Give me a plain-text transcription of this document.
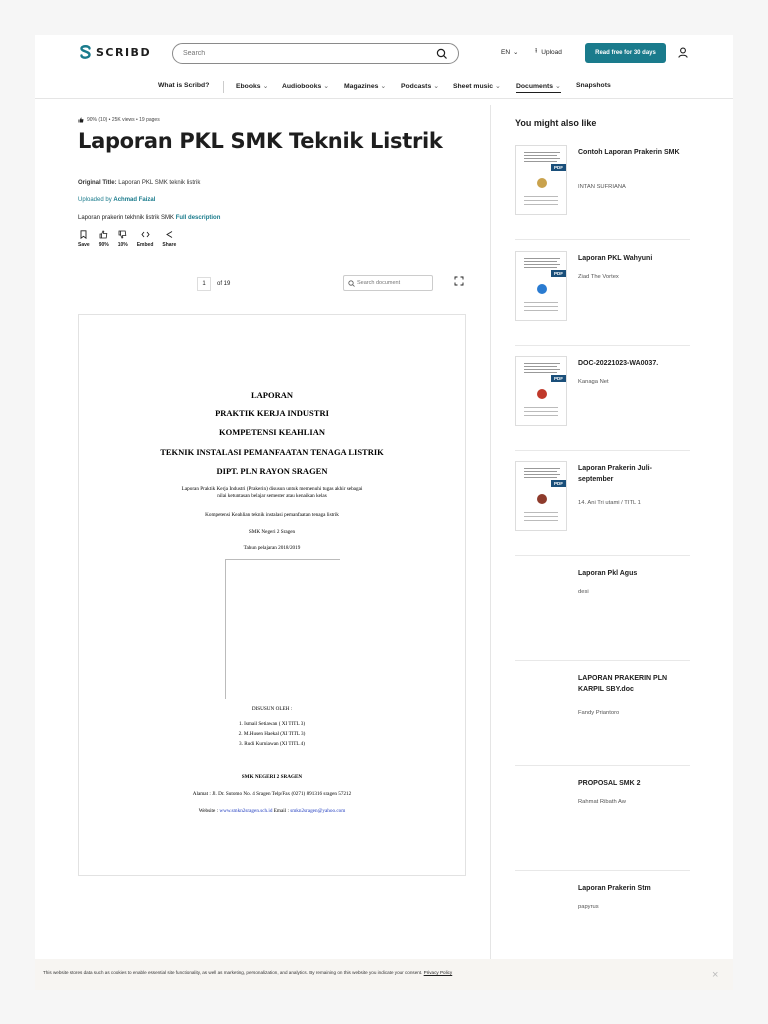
SCRIBD
Search	EN ⌄	⭱ Upload	Read free for 30 days
What is Scribd?	Ebooks ⌄ Audiobooks ⌄ Magazines ⌄ Podcasts ⌄ Sheet music ⌄ Documents ⌄ Snapshots
90% (10) • 25K views • 19 pages
Laporan PKL SMK Teknik Listrik
Original Title: Laporan PKL SMK teknik listrik
Uploaded by Achmad Faizal
Laporan prakerin tekhnik listrik SMK Full description
Save 90% 10% Embed Share
1	of 19
Search document
LAPORAN
PRAKTIK KERJA INDUSTRI
KOMPETENSI KEAHLIAN
TEKNIK INSTALASI PEMANFAATAN TENAGA LISTRIK
DIPT. PLN RAYON SRAGEN
Laporan Praktik Kerja Industri (Prakerin) disusun untuk memenuhi tugas akhir sebagai
nilai ketuntasan belajar semester atau kenaikan kelas
Kompetensi Keahlian teknik instalasi pemanfaatan tenaga listrik
SMK Negeri 2 Sragen
Tahun pelajaran 2018/2019
DISUSUN OLEH :
1. Ismail Setiawan ( XI TITL 3)
2. M.Husen Haekal (XI TITL 3)
3. Rudi Kurniawan (XI TITL 4)
SMK NEGERI 2 SRAGEN
Alamat : Jl. Dr. Sutomo No. 4 Sragen Telp/Fax (0271) 891316 sragen 57212
Website : www.smkn2sragen.sch.id Email : smkn2sragen@yahoo.com
You might also like
PDF
Contoh Laporan Prakerin SMK
INTAN SUFRIANA
PDF
Laporan PKL Wahyuni
Ziad The Vortex
PDF
DOC-20221023-WA0037.
Kanaga Net
PDF
Laporan Prakerin Juli-september
14. Ani Tri utami / TITL 1
Laporan Pkl Agus
desi
LAPORAN PRAKERIN PLN KARPIL SBY.doc
Fandy Priantoro
PROPOSAL SMK 2
Rahmat Ribath Aw
Laporan Prakerin Stm
papyrus
This website stores data such as cookies to enable essential site functionality, as well as marketing, personalization, and analytics. By remaining on this website you indicate your consent. Privacy Policy	×
